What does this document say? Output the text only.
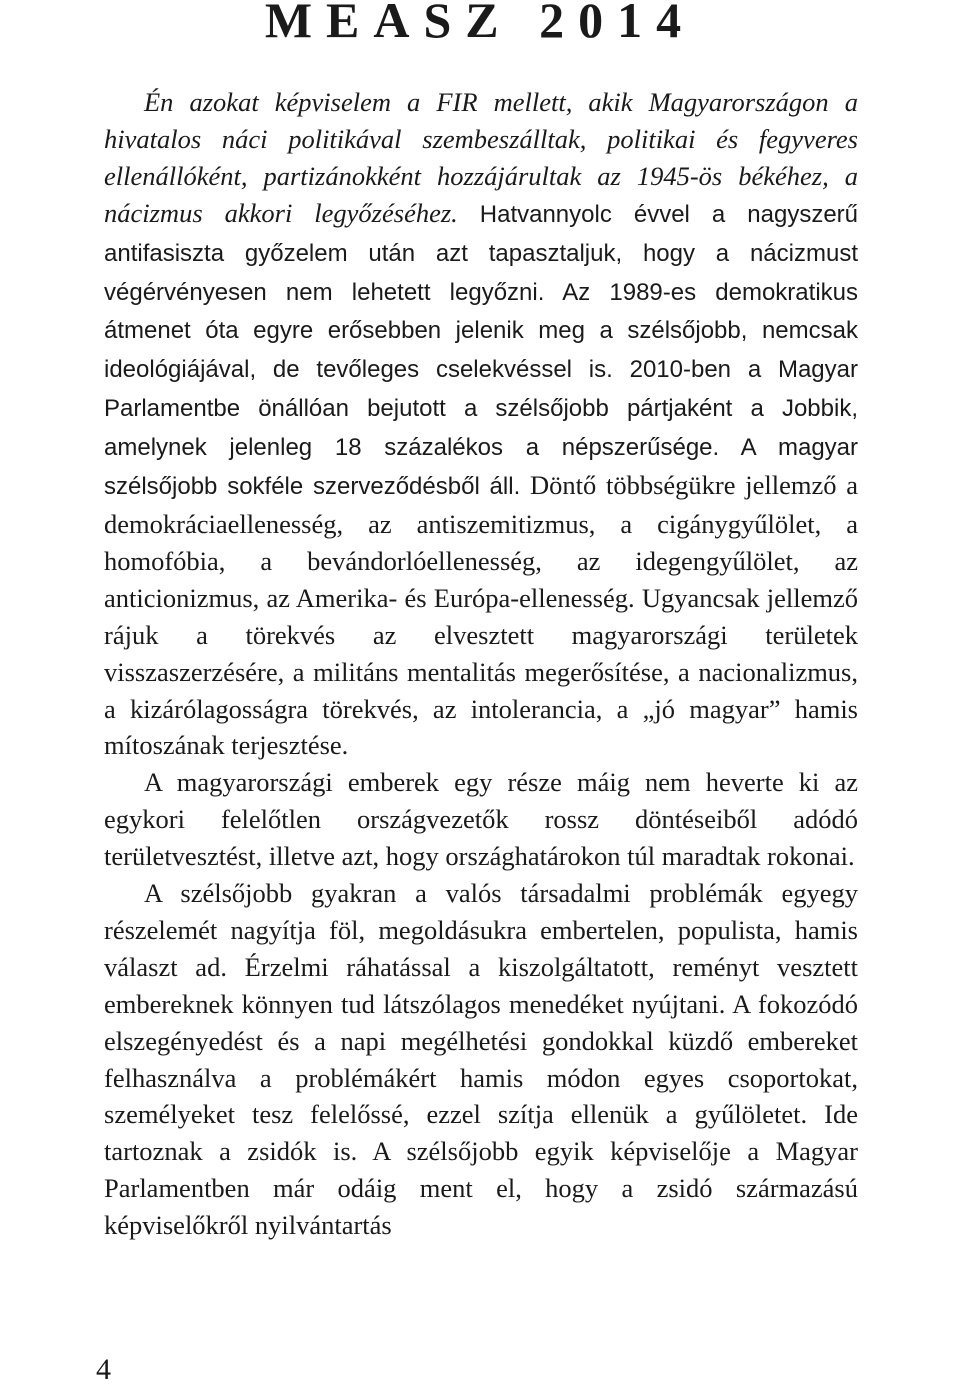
MEASZ 2014

Én azokat képviselem a FIR mellett, akik Magyarországon a hivatalos náci politikával szembeszálltak, politikai és fegyveres ellenállóként, partizánokként hozzájárultak az 1945-ös békéhez, a nácizmus akkori legyőzéséhez. Hatvannyolc évvel a nagyszerű antifasiszta győzelem után azt tapasztaljuk, hogy a nácizmust végérvényesen nem lehetett legyőzni. Az 1989-es demokratikus átmenet óta egyre erősebben jelenik meg a szélsőjobb, nemcsak ideológiájával, de tevőleges cselekvéssel is. 2010-ben a Magyar Parlamentbe önállóan bejutott a szélsőjobb pártjaként a Jobbik, amelynek jelenleg 18 százalékos a népszerűsége. A magyar szélsőjobb sokféle szerveződésből áll. Döntő többségükre jellemző a demokráciaellenesség, az antiszemitizmus, a cigánygyűlölet, a homofóbia, a bevándorlóellenesség, az idegengyűlölet, az anticionizmus, az Amerika- és Európa-ellenesség. Ugyancsak jellemző rájuk a törekvés az elvesztett magyarországi területek visszaszerzésére, a militáns mentalitás megerősítése, a nacionalizmus, a kizárólagosságra törekvés, az intolerancia, a „jó magyar” hamis mítoszának terjesztése.

A magyarországi emberek egy része máig nem heverte ki az egykori felelőtlen országvezetők rossz döntéseiből adódó területvesztést, illetve azt, hogy országhatárokon túl maradtak rokonai.

A szélsőjobb gyakran a valós társadalmi problémák egyegy részelemét nagyítja föl, megoldásukra embertelen, populista, hamis választ ad. Érzelmi ráhatással a kiszolgáltatott, reményt vesztett embereknek könnyen tud látszólagos menedéket nyújtani. A fokozódó elszegényedést és a napi megélhetési gondokkal küzdő embereket felhasználva a problémákért hamis módon egyes csoportokat, személyeket tesz felelőssé, ezzel szítja ellenük a gyűlöletet. Ide tartoznak a zsidók is. A szélsőjobb egyik képviselője a Magyar Parlamentben már odáig ment el, hogy a zsidó származású képviselőkről nyilvántartás

4
